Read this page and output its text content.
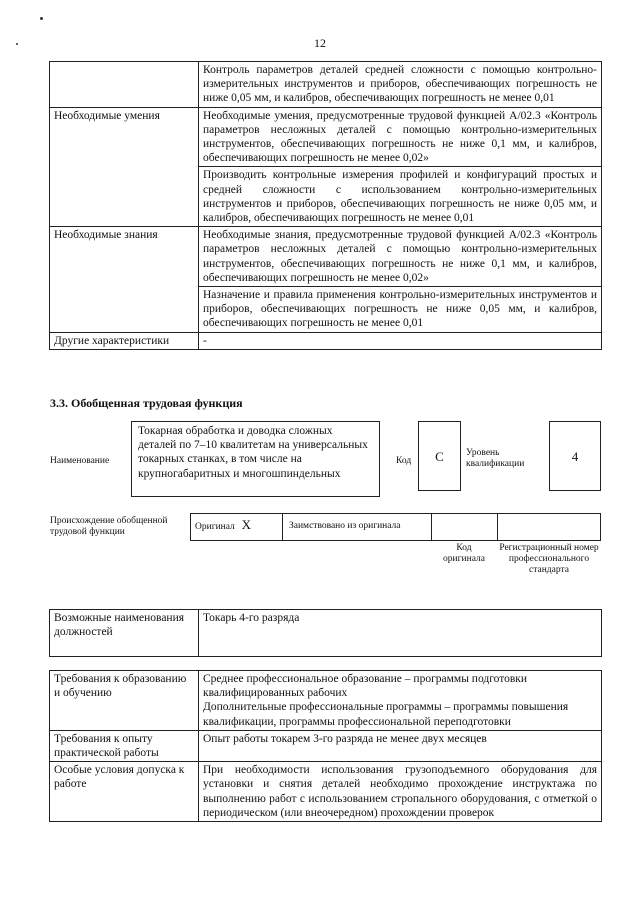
12
	Контроль параметров деталей средней сложности с помощью контрольно-измерительных инструментов и приборов, обеспечивающих погрешность не ниже 0,05 мм, и калибров, обеспечивающих погрешность не менее 0,01
Необходимые умения	Необходимые умения, предусмотренные трудовой функцией А/02.3 «Контроль параметров несложных деталей с помощью контрольно-измерительных инструментов, обеспечивающих погрешность не ниже 0,1 мм, и калибров, обеспечивающих погрешность не менее 0,02»
	Производить контрольные измерения профилей и конфигураций простых и средней сложности с использованием контрольно-измерительных инструментов и приборов, обеспечивающих погрешность не ниже 0,05 мм, и калибров, обеспечивающих погрешность не менее 0,01
Необходимые знания	Необходимые знания, предусмотренные трудовой функцией А/02.3 «Контроль параметров несложных деталей с помощью контрольно-измерительных инструментов, обеспечивающих погрешность не ниже 0,1 мм, и калибров, обеспечивающих погрешность не менее 0,02»
	Назначение и правила применения контрольно-измерительных инструментов и приборов, обеспечивающих погрешность не ниже 0,05 мм, и калибров, обеспечивающих погрешность не менее 0,01
Другие характеристики	-
3.3. Обобщенная трудовая функция
Наименование
Токарная обработка и доводка сложных деталей по 7–10 квалитетам на универсальных токарных станках, в том числе на крупногабаритных и многошпиндельных
Код	C	Уровень квалификации	4
Происхождение обобщенной трудовой функции	Оригинал X	Заимствовано из оригинала
Код оригинала
Регистрационный номер профессионального стандарта
Возможные наименования должностей	Токарь 4-го разряда
Требования к образованию и обучению	Среднее профессиональное образование – программы подготовки квалифицированных рабочих
Дополнительные профессиональные программы – программы повышения квалификации, программы профессиональной переподготовки
Требования к опыту практической работы	Опыт работы токарем 3-го разряда не менее двух месяцев
Особые условия допуска к работе	При необходимости использования грузоподъемного оборудования для установки и снятия деталей необходимо прохождение инструктажа по выполнению работ с использованием стропального оборудования, с отметкой о периодическом (или внеочередном) прохождении проверок
